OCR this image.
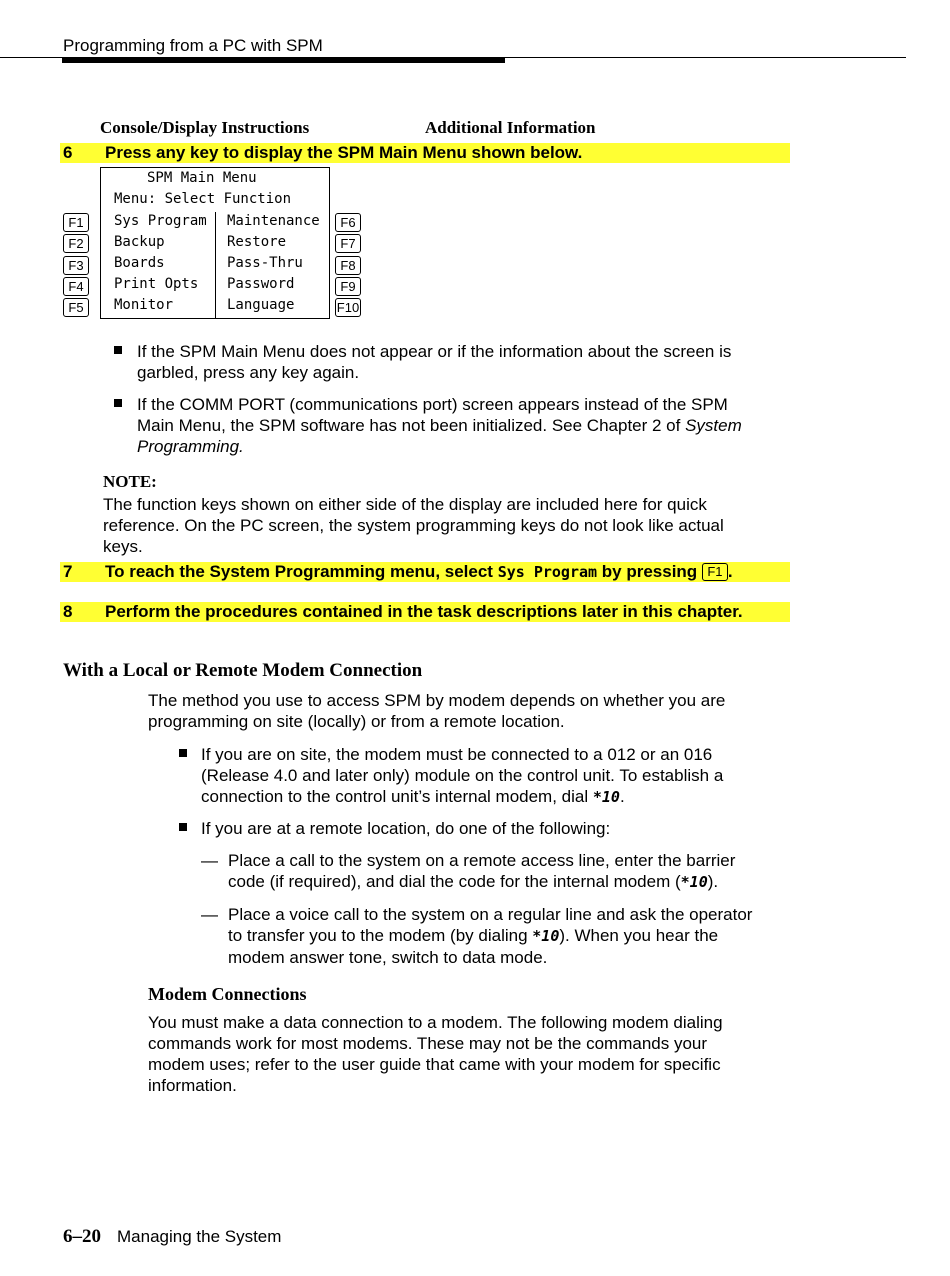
Programming from a PC with SPM
Console/Display Instructions	Additional Information
6 Press any key to display the SPM Main Menu shown below.
SPM Main Menu
Menu: Select Function
Sys Program
Backup
Boards
Print Opts
Monitor
Maintenance
Restore
Pass-Thru
Password
Language
F1
F2
F3
F4
F5
F6
F7
F8
F9
F10
If the SPM Main Menu does not appear or if the information about the screen is
garbled, press any key again.
If the COMM PORT (communications port) screen appears instead of the SPM
Main Menu, the SPM software has not been initialized. See Chapter 2 of System
Programming.
NOTE:
The function keys shown on either side of the display are included here for quick
reference. On the PC screen, the system programming keys do not look like actual
keys.
7 To reach the System Programming menu, select Sys Program by pressing F1 .
8 Perform the procedures contained in the task descriptions later in this chapter.
With a Local or Remote Modem Connection
The method you use to access SPM by modem depends on whether you are
programming on site (locally) or from a remote location.
If you are on site, the modem must be connected to a 012 or an 016
(Release 4.0 and later only) module on the control unit. To establish a
connection to the control unit’s internal modem, dial *10.
If you are at a remote location, do one of the following:
— Place a call to the system on a remote access line, enter the barrier
code (if required), and dial the code for the internal modem (*10).
— Place a voice call to the system on a regular line and ask the operator
to transfer you to the modem (by dialing *10). When you hear the
modem answer tone, switch to data mode.
Modem Connections
You must make a data connection to a modem. The following modem dialing
commands work for most modems. These may not be the commands your
modem uses; refer to the user guide that came with your modem for specific
information.
6–20 Managing the System
